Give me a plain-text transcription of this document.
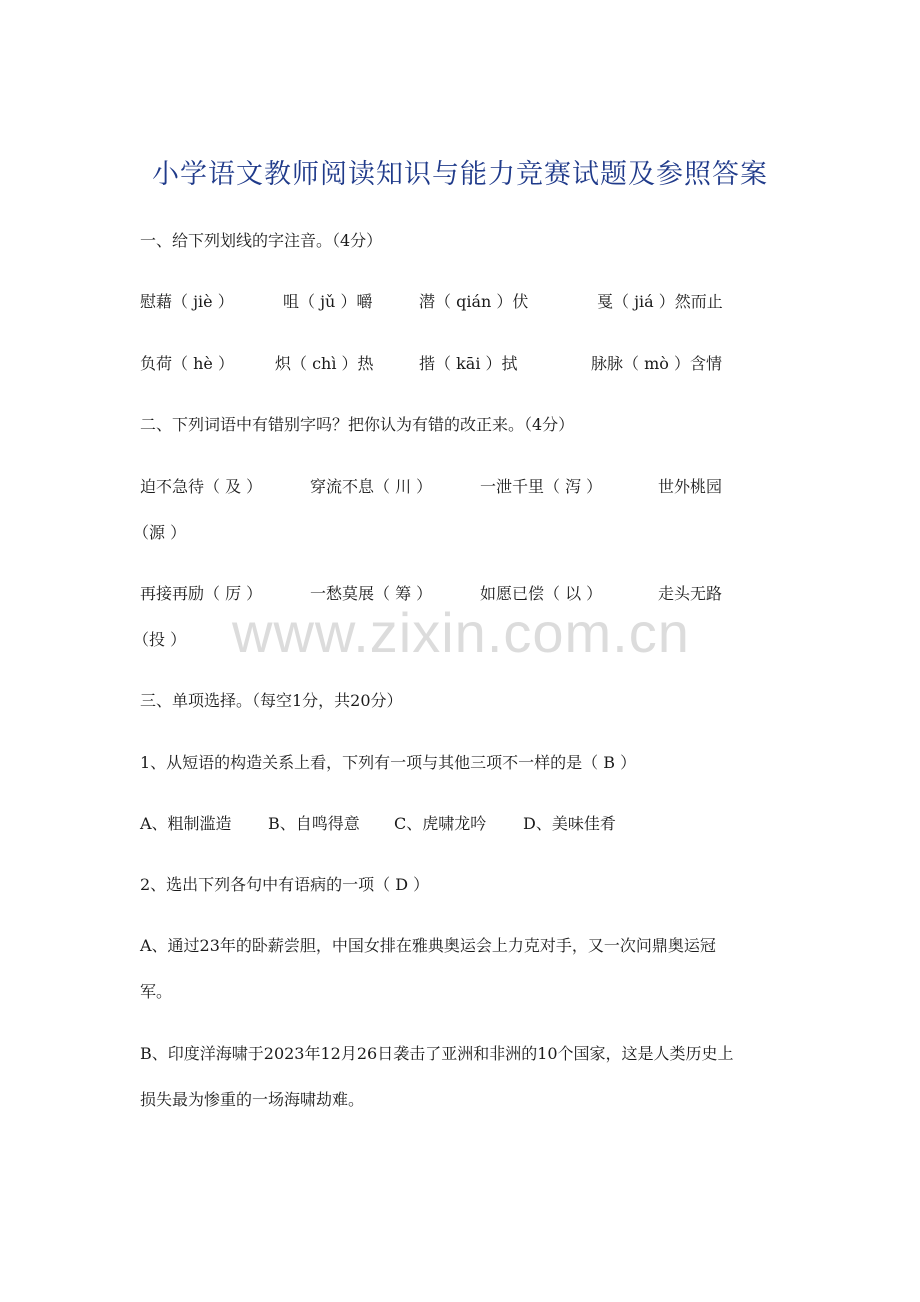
小学语文教师阅读知识与能力竞赛试题及参照答案
一、给下列划线的字注音。（4分）
慰藉（ jiè ）	咀（ jǔ ）嚼	潜（ qián ）伏	戛（ jiá ）然而止
负荷（ hè ）	炽（ chì ）热	揩（ kāi ）拭	脉脉（ mò ）含情
二、下列词语中有错别字吗？把你认为有错的改正来。（4分）
迫不急待（ 及 ）	穿流不息（ 川 ）	一泄千里（ 泻 ）	世外桃园
（源 ）
再接再励（ 厉 ）	一愁莫展（ 筹 ）	如愿已偿（ 以 ）	走头无路
（投 ） www.zixin.com.cn
三、单项选择。（每空1分，共20分）
1、从短语的构造关系上看，下列有一项与其他三项不一样的是（ B ）
A、粗制滥造 B、自鸣得意 C、虎啸龙吟 D、美味佳肴
2、选出下列各句中有语病的一项（ D ）
A、通过23年的卧薪尝胆，中国女排在雅典奥运会上力克对手，又一次问鼎奥运冠
军。
B、印度洋海啸于2023年12月26日袭击了亚洲和非洲的10个国家，这是人类历史上
损失最为惨重的一场海啸劫难。
